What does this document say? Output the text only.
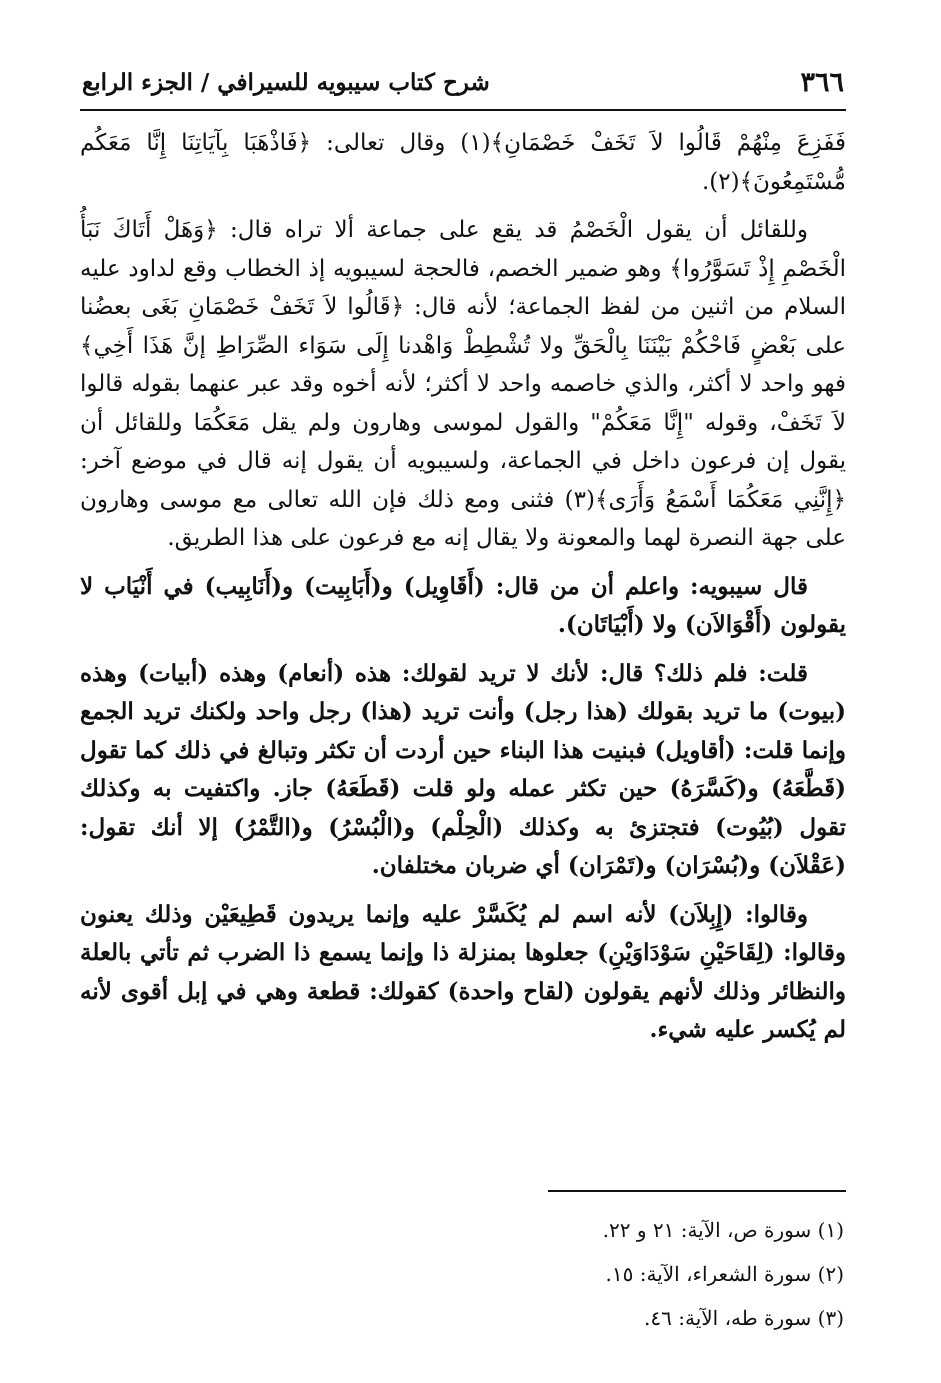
٣٦٦
شرح كتاب سيبويه للسيرافي / الجزء الرابع

فَفَزِعَ مِنْهُمْ قَالُوا لاَ تَخَفْ خَصْمَانِ﴾(١) وقال تعالى: ﴿فَاذْهَبَا بِآيَاتِنَا إِنَّا مَعَكُم مُّسْتَمِعُونَ﴾(٢).

وللقائل أن يقول الْخَصْمُ قد يقع على جماعة ألا تراه قال: ﴿وَهَلْ أَتَاكَ نَبَأُ الْخَصْمِ إِذْ تَسَوَّرُوا﴾ وهو ضمير الخصم، فالحجة لسيبويه إذ الخطاب وقع لداود عليه السلام من اثنين من لفظ الجماعة؛ لأنه قال: ﴿قَالُوا لاَ تَخَفْ خَصْمَانِ بَغَى بعضُنا على بَعْضٍ فَاحْكُمْ بَيْنَنَا بِالْحَقِّ ولا تُشْطِطْ وَاهْدنا إِلَى سَوَاء الصِّرَاطِ إنَّ هَذَا أَخِي﴾ فهو واحد لا أكثر، والذي خاصمه واحد لا أكثر؛ لأنه أخوه وقد عبر عنهما بقوله قالوا لاَ تَخَفْ، وقوله "إِنَّا مَعَكُمْ" والقول لموسى وهارون ولم يقل مَعَكُمَا وللقائل أن يقول إن فرعون داخل في الجماعة، ولسيبويه أن يقول إنه قال في موضع آخر: ﴿إِنَّنِي مَعَكُمَا أَسْمَعُ وَأَرَى﴾(٣) فثنى ومع ذلك فإن الله تعالى مع موسى وهارون على جهة النصرة لهما والمعونة ولا يقال إنه مع فرعون على هذا الطريق.

قال سيبويه: واعلم أن من قال: (أَقَاوِيل) و(أَبَابِيت) و(أَنَابِيب) في أَنْيَاب لا يقولون (أَقْوَالاَن) ولا (أَبْيَاتَان).

قلت: فلم ذلك؟ قال: لأنك لا تريد لقولك: هذه (أنعام) وهذه (أبيات) وهذه (بيوت) ما تريد بقولك (هذا رجل) وأنت تريد (هذا) رجل واحد ولكنك تريد الجمع وإنما قلت: (أقاويل) فبنيت هذا البناء حين أردت أن تكثر وتبالغ في ذلك كما تقول (قَطَّعَهُ) و(كَسَّرَهُ) حين تكثر عمله ولو قلت (قَطَعَهُ) جاز. واكتفيت به وكذلك تقول (بُيُوت) فتجتزئ به وكذلك (الْحِلْم) و(الْبُسْرُ) و(التَّمْرُ) إلا أنك تقول: (عَقْلاَن) و(بُسْرَان) و(تَمْرَان) أي ضربان مختلفان.

وقالوا: (إِبِلاَن) لأنه اسم لم يُكَسَّرْ عليه وإنما يريدون قَطِيعَيْن وذلك يعنون وقالوا: (لِقَاحَيْنِ سَوْدَاوَيْنِ) جعلوها بمنزلة ذا وإنما يسمع ذا الضرب ثم تأتي بالعلة والنظائر وذلك لأنهم يقولون (لقاح واحدة) كقولك: قطعة وهي في إبل أقوى لأنه لم يُكسر عليه شيء.

(١) سورة ص، الآية: ٢١ و ٢٢.

(٢) سورة الشعراء، الآية: ١٥.

(٣) سورة طه، الآية: ٤٦.
